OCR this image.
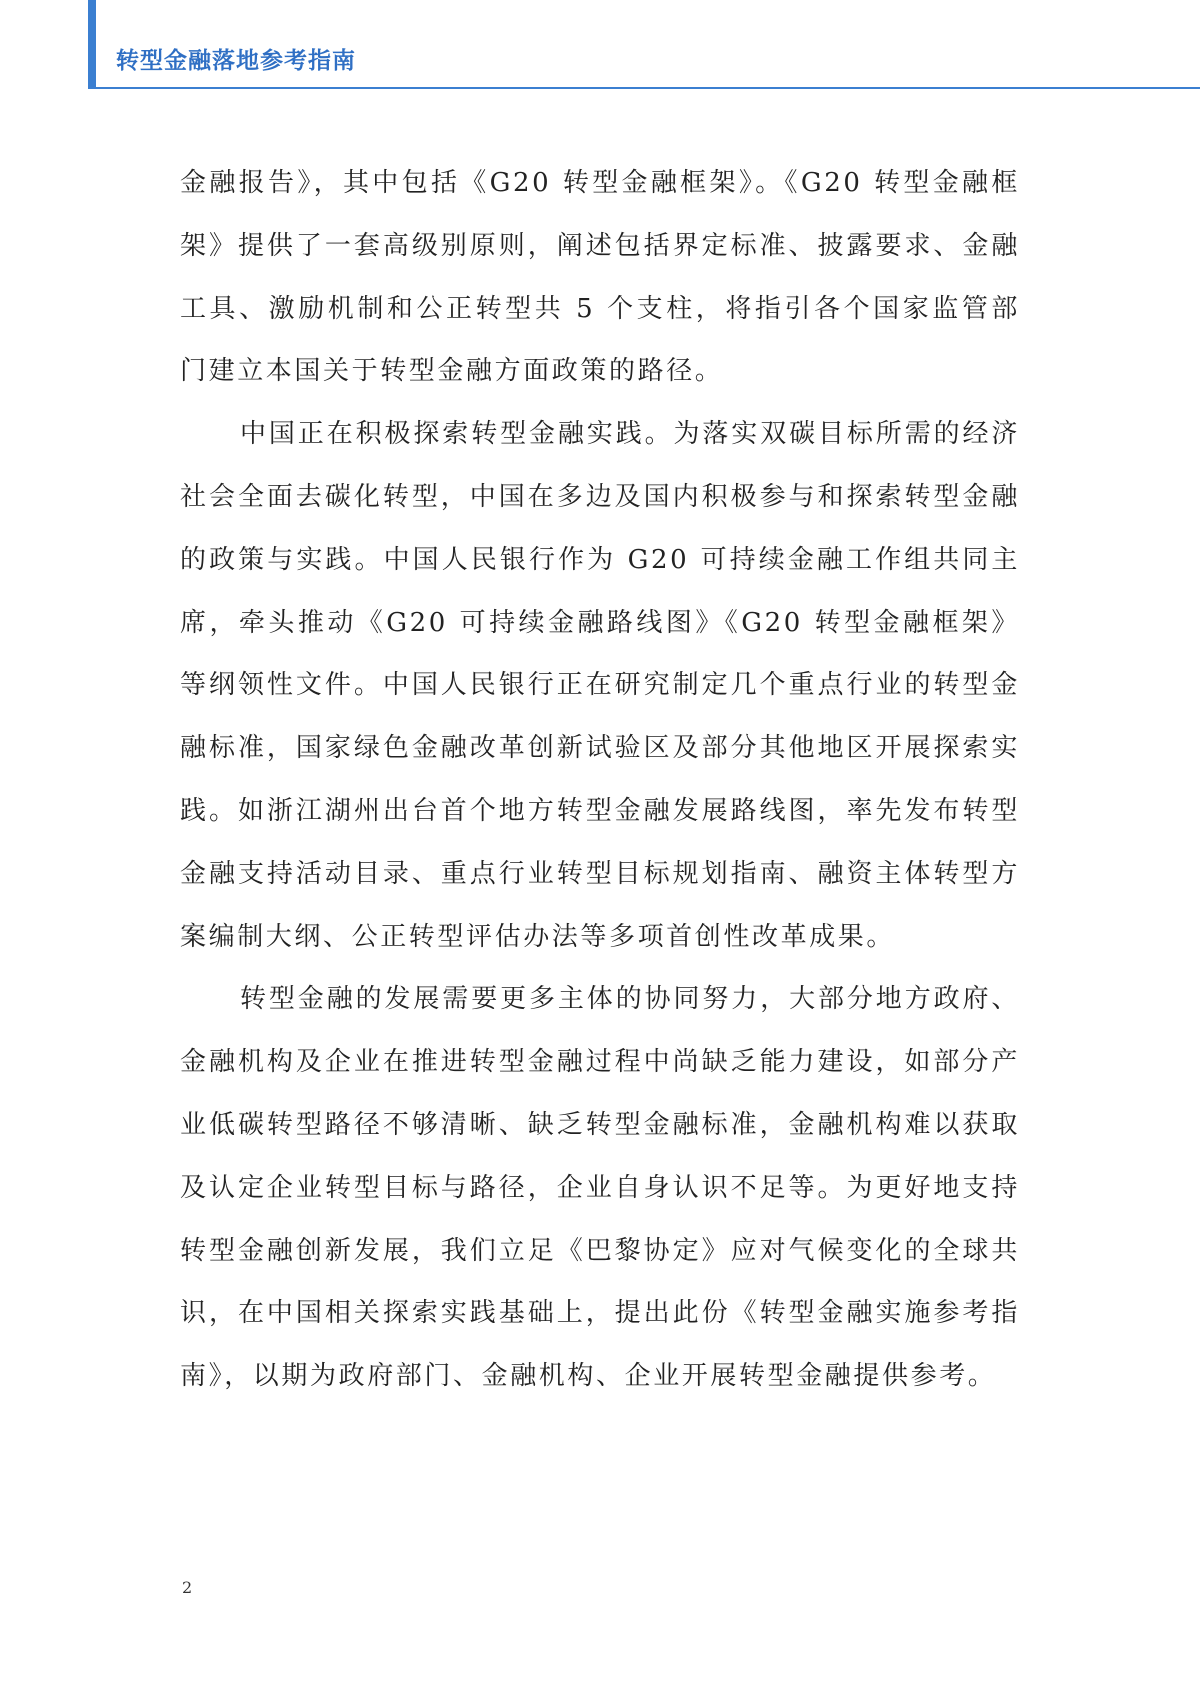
转型金融落地参考指南

金融报告》，其中包括《G20 转型金融框架》。《G20 转型金融框架》提供了一套高级别原则，阐述包括界定标准、披露要求、金融工具、激励机制和公正转型共 5 个支柱，将指引各个国家监管部门建立本国关于转型金融方面政策的路径。

中国正在积极探索转型金融实践。为落实双碳目标所需的经济社会全面去碳化转型，中国在多边及国内积极参与和探索转型金融的政策与实践。中国人民银行作为 G20 可持续金融工作组共同主席，牵头推动《G20 可持续金融路线图》《G20 转型金融框架》等纲领性文件。中国人民银行正在研究制定几个重点行业的转型金融标准，国家绿色金融改革创新试验区及部分其他地区开展探索实践。如浙江湖州出台首个地方转型金融发展路线图，率先发布转型金融支持活动目录、重点行业转型目标规划指南、融资主体转型方案编制大纲、公正转型评估办法等多项首创性改革成果。

转型金融的发展需要更多主体的协同努力，大部分地方政府、金融机构及企业在推进转型金融过程中尚缺乏能力建设，如部分产业低碳转型路径不够清晰、缺乏转型金融标准，金融机构难以获取及认定企业转型目标与路径，企业自身认识不足等。为更好地支持转型金融创新发展，我们立足《巴黎协定》应对气候变化的全球共识，在中国相关探索实践基础上，提出此份《转型金融实施参考指南》，以期为政府部门、金融机构、企业开展转型金融提供参考。

2
